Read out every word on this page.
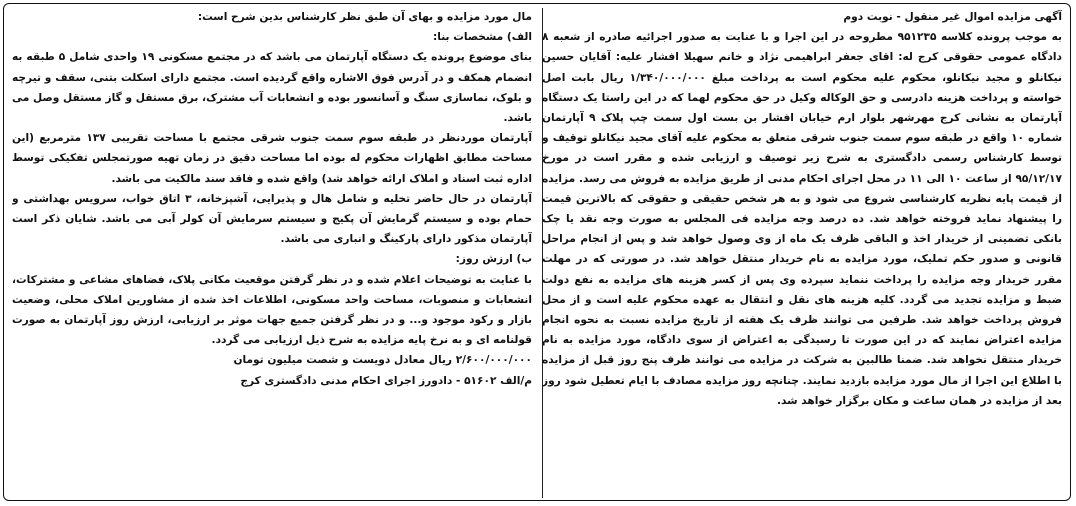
آگهی مزایده اموال غیر منقول - نوبت دوم

به موجب پرونده کلاسه ۹۵۱۲۳۵ مطروحه در این اجرا و با عنایت به صدور اجرائیه صادره از شعبه ۸ دادگاه عمومی حقوقی کرج له: اقای جعفر ابراهیمی نژاد و خانم سهیلا افشار علیه: آقایان حسین نیکانلو و مجید نیکانلو، محکوم علیه محکوم است به پرداخت مبلغ ۱/۳۴۰/۰۰۰/۰۰۰ ریال بابت اصل خواسته و پرداخت هزینه دادرسی و حق الوکاله وکیل در حق محکوم لهما که در این راستا یک دستگاه آپارتمان به نشانی کرج مهرشهر بلوار ارم خیابان افشار بن بست اول سمت چپ پلاک ۹ آپارتمان شماره ۱۰ واقع در طبقه سوم سمت جنوب شرقی متعلق به محکوم علیه آقای مجید نیکانلو توقیف و توسط کارشناس رسمی دادگستری به شرح زیر توصیف و ارزیابی شده و مقرر است در مورخ ۹۵/۱۲/۱۷ از ساعت ۱۰ الی ۱۱ در محل اجرای احکام مدنی از طریق مزایده به فروش می رسد. مزایده از قیمت پایه نظریه کارشناسی شروع می شود و به هر شخص حقیقی و حقوقی که بالاترین قیمت را پیشنهاد نماید فروخته خواهد شد. ده درصد وجه مزایده فی المجلس به صورت وجه نقد یا چک بانکی تضمینی از خریدار اخذ و الباقی ظرف یک ماه از وی وصول خواهد شد و پس از انجام مراحل قانونی و صدور حکم تملیک، مورد مزایده به نام خریدار منتقل خواهد شد. در صورتی که در مهلت مقرر خریدار وجه مزایده را پرداخت ننماید سپرده وی پس از کسر هزینه های مزایده به نفع دولت ضبط و مزایده تجدید می گردد. کلیه هزینه های نقل و انتقال به عهده محکوم علیه است و از محل فروش پرداخت خواهد شد. طرفین می توانند ظرف یک هفته از تاریخ مزایده نسبت به نحوه انجام مزایده اعتراض نمایند که در این صورت تا رسیدگی به اعتراض از سوی دادگاه، مورد مزایده به نام خریدار منتقل نخواهد شد. ضمنا طالبین به شرکت در مزایده می توانند ظرف پنج روز قبل از مزایده با اطلاع این اجرا از مال مورد مزایده بازدید نمایند. چنانچه روز مزایده مصادف با ایام تعطیل شود روز بعد از مزایده در همان ساعت و مکان برگزار خواهد شد.

مال مورد مزایده و بهای آن طبق نظر کارشناس بدین شرح است:

الف) مشخصات بنا:

بنای موضوع پرونده یک دستگاه آپارتمان می باشد که در مجتمع مسکونی ۱۹ واحدی شامل ۵ طبقه به انضمام همکف و در آدرس فوق الاشاره واقع گردیده است. مجتمع دارای اسکلت بتنی، سقف و تیرچه و بلوک، نماسازی سنگ و آسانسور بوده و انشعابات آب مشترک، برق مستقل و گاز مستقل وصل می باشد.

آپارتمان موردنظر در طبقه سوم سمت جنوب شرقی مجتمع با مساحت تقریبی ۱۳۷ مترمربع (این مساحت مطابق اظهارات محکوم له بوده اما مساحت دقیق در زمان تهیه صورتمجلس تفکیکی توسط اداره ثبت اسناد و املاک ارائه خواهد شد) واقع شده و فاقد سند مالکیت می باشد.

آپارتمان در حال حاضر تخلیه و شامل هال و پذیرایی، آشپزخانه، ۳ اتاق خواب، سرویس بهداشتی و حمام بوده و سیستم گرمایش آن پکیج و سیستم سرمایش آن کولر آبی می باشد. شایان ذکر است آپارتمان مذکور دارای پارکینگ و انباری می باشد.

ب) ارزش روز:

با عنایت به توضیحات اعلام شده و در نظر گرفتن موقعیت مکانی پلاک، فضاهای مشاعی و مشترکات، انشعابات و منصوبات، مساحت واحد مسکونی، اطلاعات اخذ شده از مشاورین املاک محلی، وضعیت بازار و رکود موجود و... و در نظر گرفتن جمیع جهات موثر بر ارزیابی، ارزش روز آپارتمان به صورت قولنامه ای و به نرخ پایه مزایده به شرح ذیل ارزیابی می گردد.

۲/۶۰۰/۰۰۰/۰۰۰ ریال معادل دویست و شصت میلیون تومان

م/الف ۵۱۶۰۲ - دادورز اجرای احکام مدنی دادگستری کرج
